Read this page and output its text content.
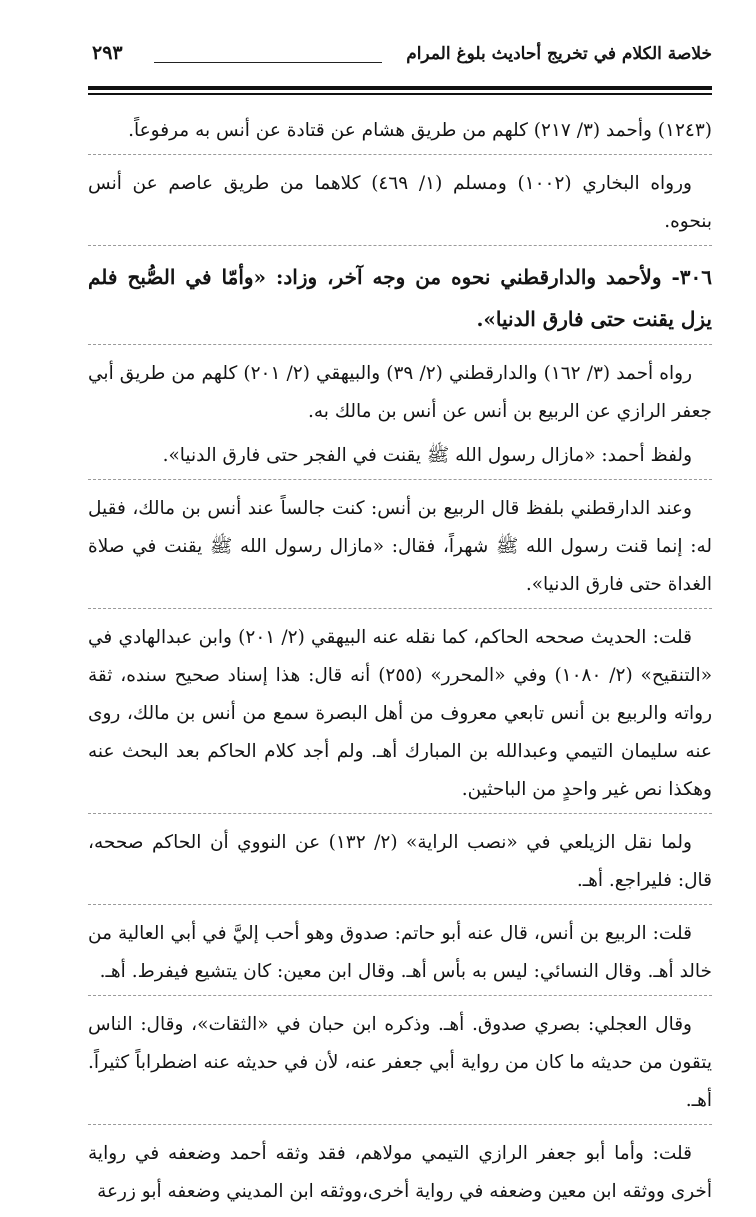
خلاصة الكلام في تخريج أحاديث بلوغ المرام
٢٩٣

(١٢٤٣) وأحمد (٣/ ٢١٧) كلهم من طريق هشام عن قتادة عن أنس به مرفوعاً.

ورواه البخاري (١٠٠٢) ومسلم (١/ ٤٦٩) كلاهما من طريق عاصم عن أنس بنحوه.

٣٠٦- ولأحمد والدارقطني نحوه من وجه آخر، وزاد: «وأمّا في الصُّبح فلم يزل يقنت حتى فارق الدنيا».

رواه أحمد (٣/ ١٦٢) والدارقطني (٢/ ٣٩) والبيهقي (٢/ ٢٠١) كلهم من طريق أبي جعفر الرازي عن الربيع بن أنس عن أنس بن مالك به.

ولفظ أحمد: «مازال رسول الله ﷺ يقنت في الفجر حتى فارق الدنيا».

وعند الدارقطني بلفظ قال الربيع بن أنس: كنت جالساً عند أنس بن مالك، فقيل له: إنما قنت رسول الله ﷺ شهراً، فقال: «مازال رسول الله ﷺ يقنت في صلاة الغداة حتى فارق الدنيا».

قلت: الحديث صححه الحاكم، كما نقله عنه البيهقي (٢/ ٢٠١) وابن عبدالهادي في «التنقيح» (٢/ ١٠٨٠) وفي «المحرر» (٢٥٥) أنه قال: هذا إسناد صحيح سنده، ثقة رواته والربيع بن أنس تابعي معروف من أهل البصرة سمع من أنس بن مالك، روى عنه سليمان التيمي وعبدالله بن المبارك أهـ. ولم أجد كلام الحاكم بعد البحث عنه وهكذا نص غير واحدٍ من الباحثين.

ولما نقل الزيلعي في «نصب الراية» (٢/ ١٣٢) عن النووي أن الحاكم صححه، قال: فليراجع. أهـ.

قلت: الربيع بن أنس، قال عنه أبو حاتم: صدوق وهو أحب إليَّ في أبي العالية من خالد أهـ. وقال النسائي: ليس به بأس أهـ. وقال ابن معين: كان يتشيع فيفرط. أهـ.

وقال العجلي: بصري صدوق. أهـ. وذكره ابن حبان في «الثقات»، وقال: الناس يتقون من حديثه ما كان من رواية أبي جعفر عنه، لأن في حديثه عنه اضطراباً كثيراً. أهـ.

قلت: وأما أبو جعفر الرازي التيمي مولاهم، فقد وثقه أحمد وضعفه في رواية أخرى ووثقه ابن معين وضعفه في رواية أخرى،ووثقه ابن المديني وضعفه أبو زرعة
